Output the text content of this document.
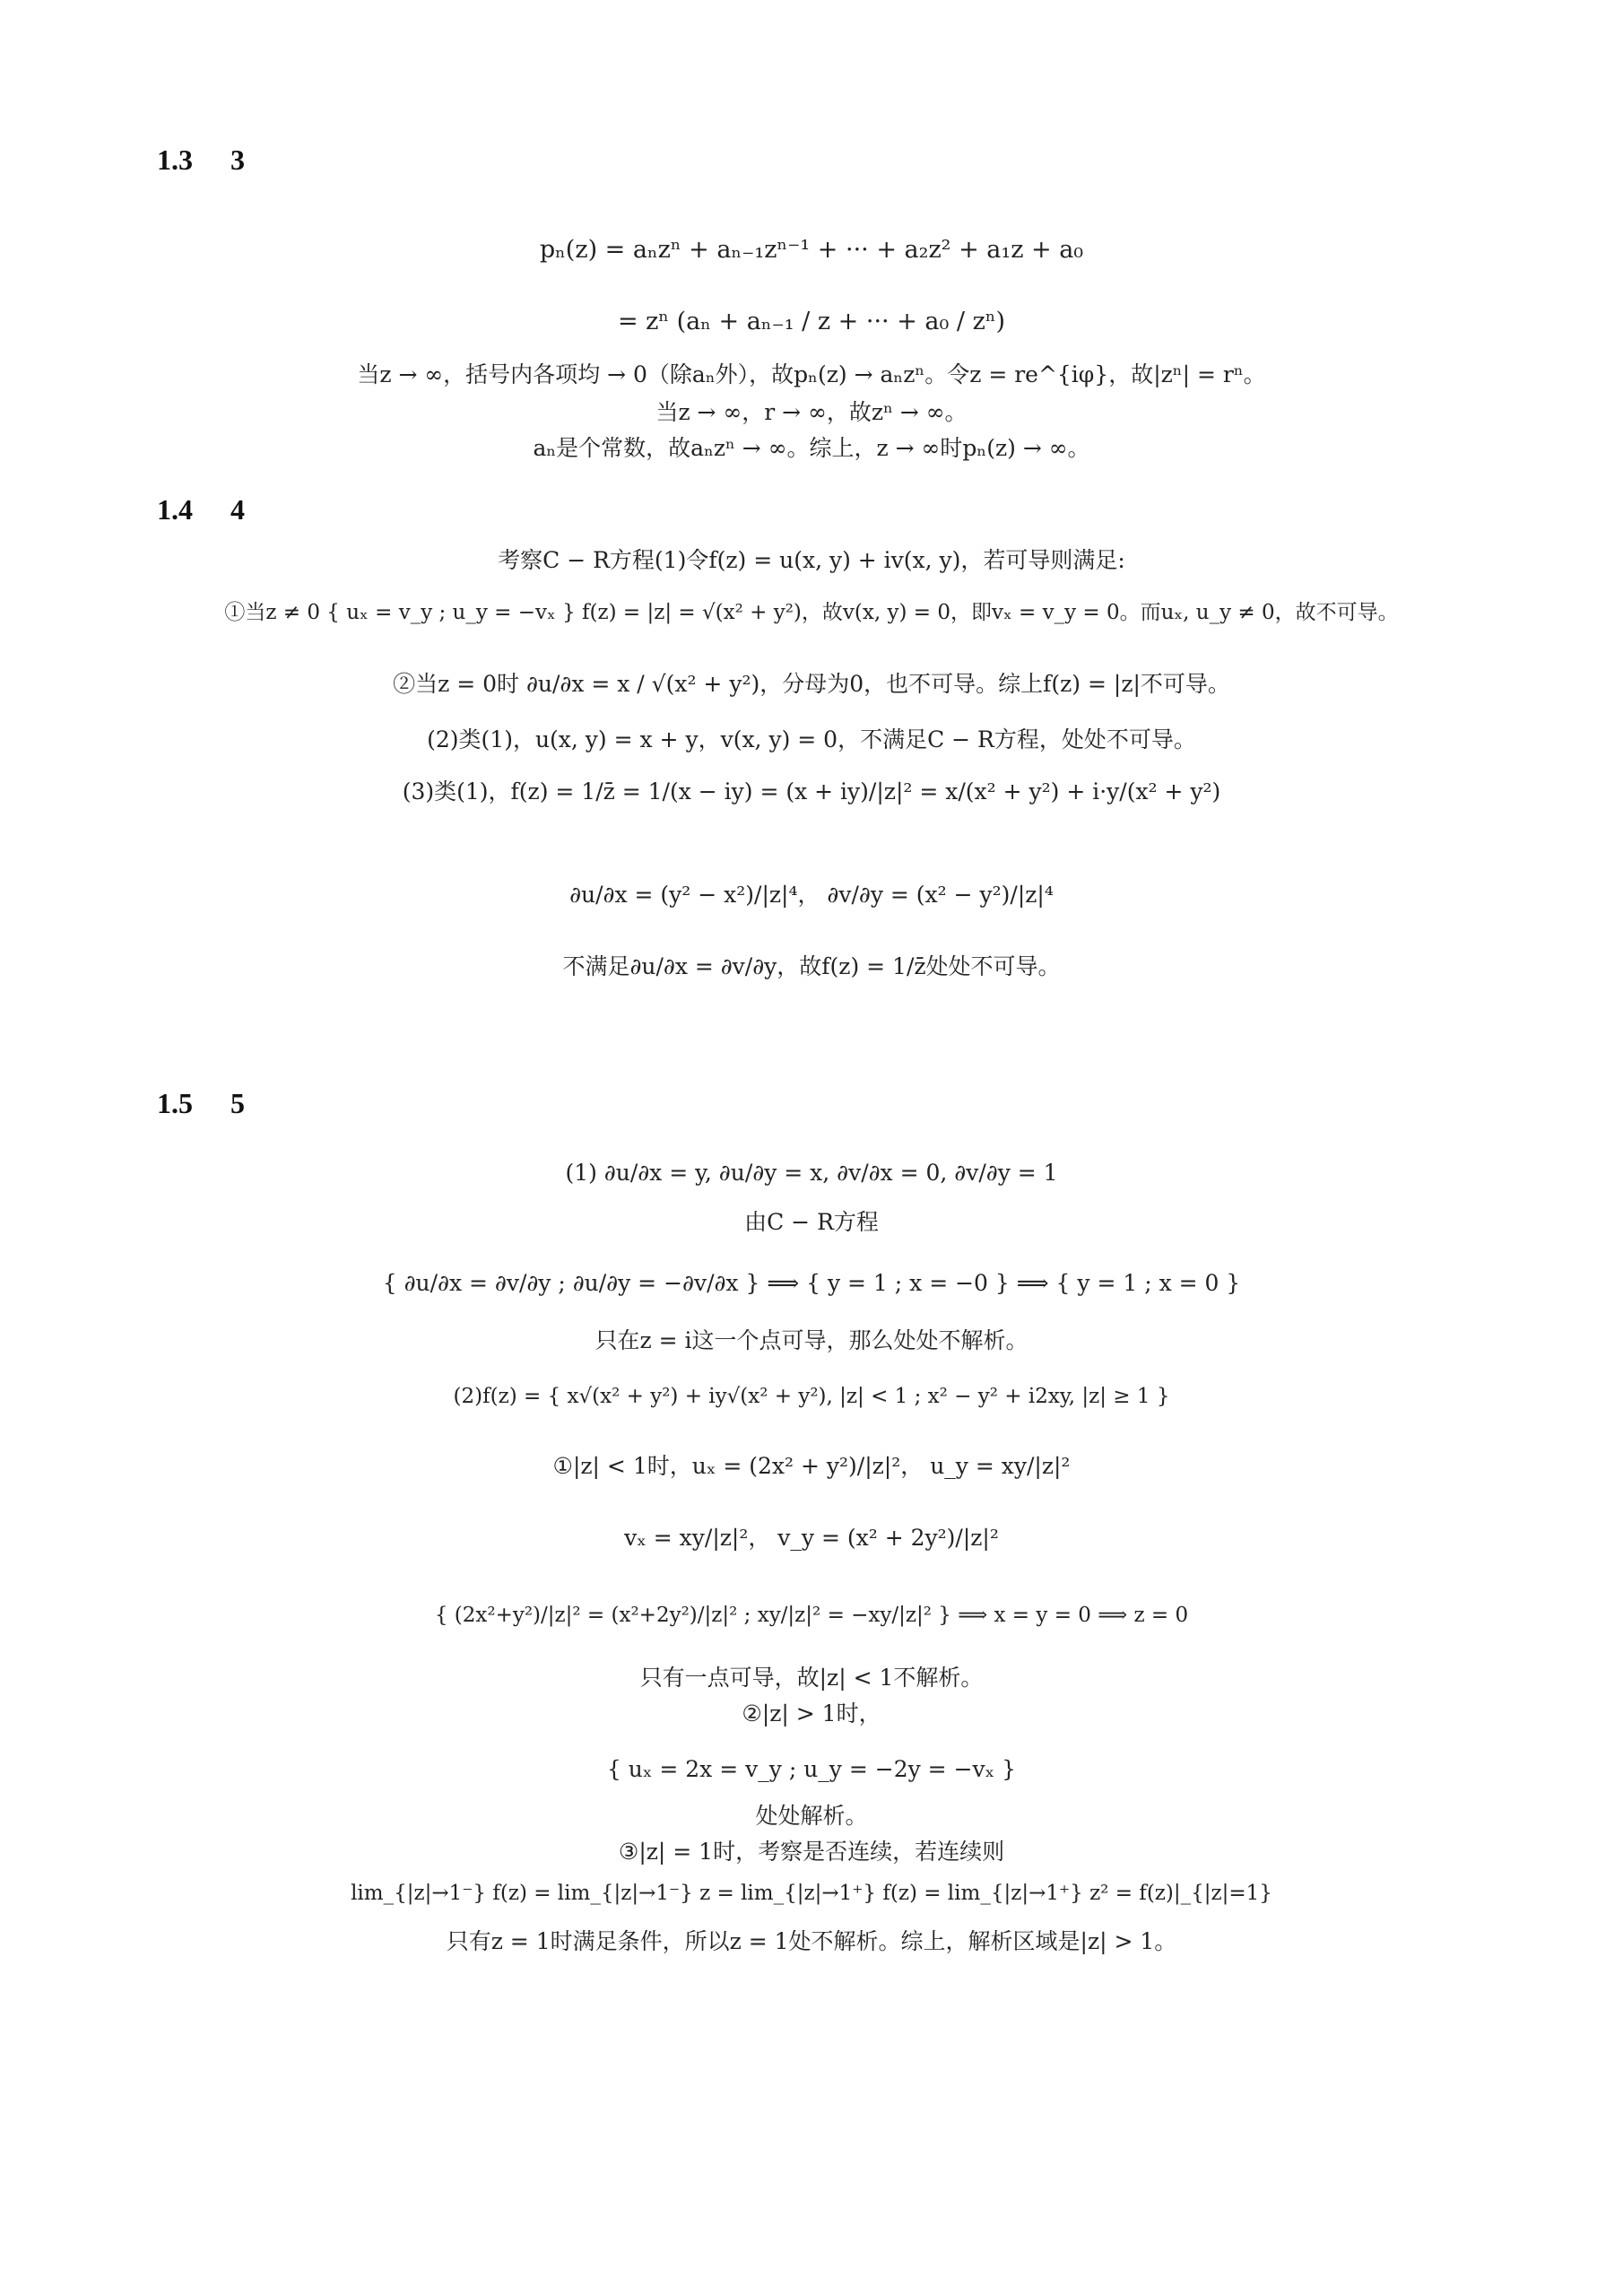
1.3 3
pₙ(z) = aₙzⁿ + aₙ₋₁zⁿ⁻¹ + ··· + a₂z² + a₁z + a₀
= zⁿ (aₙ + aₙ₋₁ / z + ··· + a₀ / zⁿ)
当z → ∞，括号内各项均 → 0（除aₙ外），故pₙ(z) → aₙzⁿ。令z = re^{iφ}，故|zⁿ| = rⁿ。
当z → ∞，r → ∞，故zⁿ → ∞。
aₙ是个常数，故aₙzⁿ → ∞。综上，z → ∞时pₙ(z) → ∞。
1.4 4
考察C − R方程(1)令f(z) = u(x, y) + iv(x, y)，若可导则满足:
①当z ≠ 0 { uₓ = v_y ; u_y = −vₓ } f(z) = |z| = √(x² + y²)，故v(x, y) = 0，即vₓ = v_y = 0。而uₓ, u_y ≠ 0，故不可导。
②当z = 0时 ∂u/∂x = x / √(x² + y²)，分母为0，也不可导。综上f(z) = |z|不可导。
(2)类(1)，u(x, y) = x + y，v(x, y) = 0，不满足C − R方程，处处不可导。
(3)类(1)，f(z) = 1/z̄ = 1/(x − iy) = (x + iy)/|z|² = x/(x² + y²) + i·y/(x² + y²)
∂u/∂x = (y² − x²)/|z|⁴， ∂v/∂y = (x² − y²)/|z|⁴
不满足∂u/∂x = ∂v/∂y，故f(z) = 1/z̄处处不可导。
1.5 5
(1) ∂u/∂x = y, ∂u/∂y = x, ∂v/∂x = 0, ∂v/∂y = 1
由C − R方程
{ ∂u/∂x = ∂v/∂y ; ∂u/∂y = −∂v/∂x } ⟹ { y = 1 ; x = −0 } ⟹ { y = 1 ; x = 0 }
只在z = i这一个点可导，那么处处不解析。
(2)f(z) = { x√(x² + y²) + iy√(x² + y²), |z| < 1 ; x² − y² + i2xy, |z| ≥ 1 }
①|z| < 1时，uₓ = (2x² + y²)/|z|²， u_y = xy/|z|²
vₓ = xy/|z|²， v_y = (x² + 2y²)/|z|²
{ (2x²+y²)/|z|² = (x²+2y²)/|z|² ; xy/|z|² = −xy/|z|² } ⟹ x = y = 0 ⟹ z = 0
只有一点可导，故|z| < 1不解析。
②|z| > 1时，
{ uₓ = 2x = v_y ; u_y = −2y = −vₓ }
处处解析。
③|z| = 1时，考察是否连续，若连续则
lim_{|z|→1⁻} f(z) = lim_{|z|→1⁻} z = lim_{|z|→1⁺} f(z) = lim_{|z|→1⁺} z² = f(z)|_{|z|=1}
只有z = 1时满足条件，所以z = 1处不解析。综上，解析区域是|z| > 1。
